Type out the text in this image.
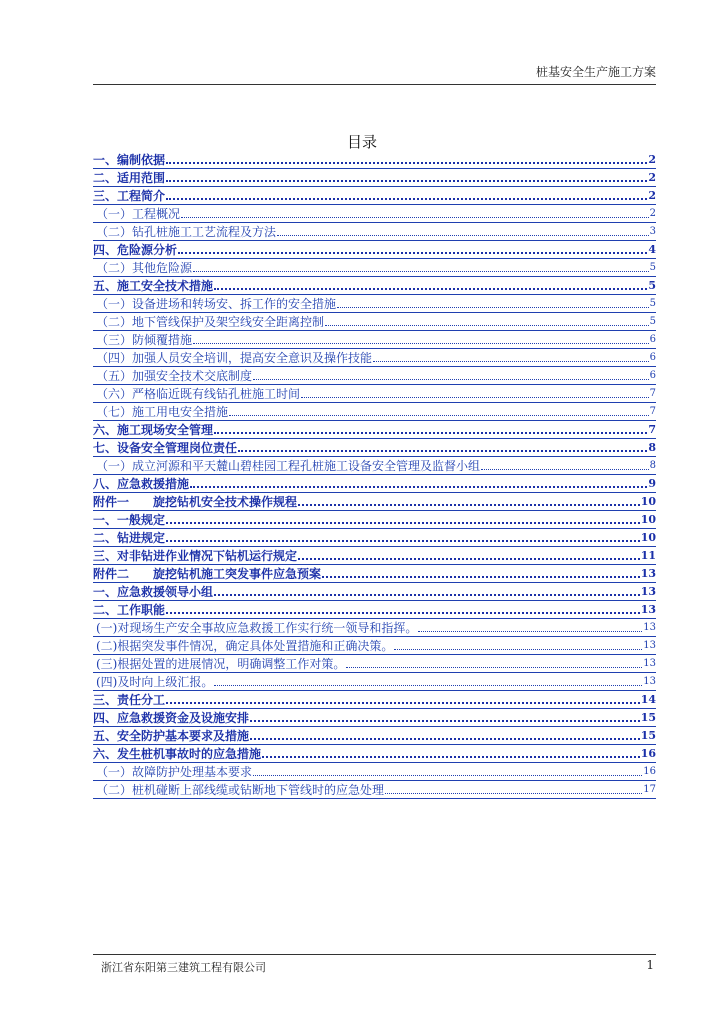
桩基安全生产施工方案
目录
一、编制依据	2
二、适用范围	2
三、工程简介	2
（一）工程概况	2
（二）钻孔桩施工工艺流程及方法	3
四、危险源分析	4
（二）其他危险源	5
五、施工安全技术措施	5
（一）设备进场和转场安、拆工作的安全措施	5
（二）地下管线保护及架空线安全距离控制	5
（三）防倾覆措施	6
（四）加强人员安全培训，提高安全意识及操作技能	6
（五）加强安全技术交底制度	6
（六）严格临近既有线钻孔桩施工时间	7
（七）施工用电安全措施	7
六、施工现场安全管理	7
七、设备安全管理岗位责任	8
（一）成立河源和平天麓山碧桂园工程孔桩施工设备安全管理及监督小组	8
八、应急救援措施	9
附件一 旋挖钻机安全技术操作规程	10
一、一般规定	10
二、钻进规定	10
三、对非钻进作业情况下钻机运行规定	11
附件二 旋挖钻机施工突发事件应急预案	13
一、应急救援领导小组	13
二、工作职能	13
(一)对现场生产安全事故应急救援工作实行统一领导和指挥。	13
(二)根据突发事件情况，确定具体处置措施和正确决策。	13
(三)根据处置的进展情况，明确调整工作对策。	13
(四)及时向上级汇报。	13
三、责任分工	14
四、应急救援资金及设施安排	15
五、安全防护基本要求及措施	15
六、发生桩机事故时的应急措施	16
（一）故障防护处理基本要求	16
（二）桩机碰断上部线缆或钻断地下管线时的应急处理	17
浙江省东阳第三建筑工程有限公司	1
